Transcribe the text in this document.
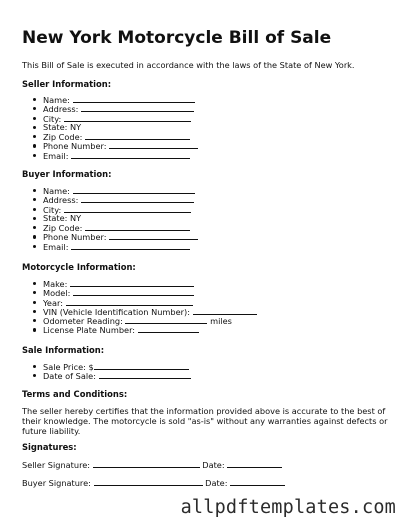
New York Motorcycle Bill of Sale
This Bill of Sale is executed in accordance with the laws of the State of New York.
Seller Information:
Name:
Address:
City:
State: NY
Zip Code:
Phone Number:
Email:
Buyer Information:
Name:
Address:
City:
State: NY
Zip Code:
Phone Number:
Email:
Motorcycle Information:
Make:
Model:
Year:
VIN (Vehicle Identification Number):
Odometer Reading:	miles
License Plate Number:
Sale Information:
Sale Price: $
Date of Sale:
Terms and Conditions:

The seller hereby certifies that the information provided above is accurate to the best of their knowledge. The motorcycle is sold "as-is" without any warranties against defects or future liability.

Signatures:
Seller Signature:	Date:
Buyer Signature:	Date:
allpdftemplates.com
